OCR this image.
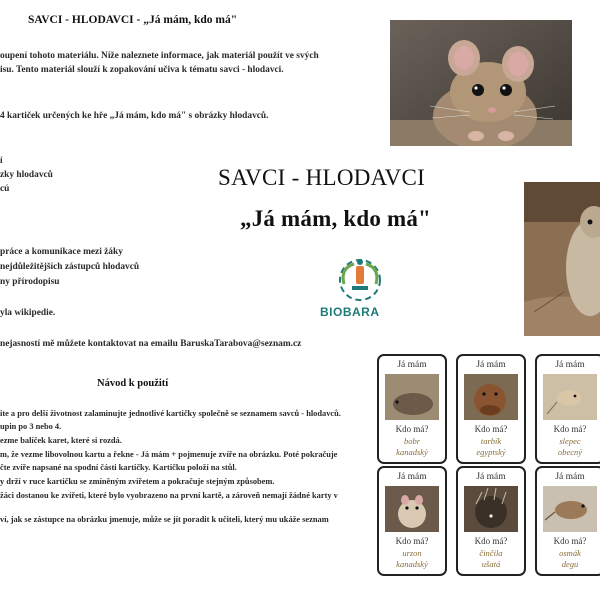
SAVCI - HLODAVCI - „Já mám, kdo má"
oupení tohoto materiálu. Níže naleznete informace, jak materiál použít ve svých
isu. Tento materiál slouží k zopakování učiva k tématu savci - hlodavci.
4 kartiček určených ke hře „Já mám, kdo má" s obrázky hlodavců.
í
zky hlodavců
cú
práce a komunikace mezi žáky
nejdůležitějších zástupců hlodavců
ny přírodopisu
yla wikipedie.
nejasností mě můžete kontaktovat na emailu BaruskaTarabova@seznam.cz
Návod k použití
ite a pro delší životnost zalaminujte jednotlivé kartičky společně se seznamem savců - hlodavců.
upin po 3 nebo 4.
ezme balíček karet, které si rozdá.
m, že vezme libovolnou kartu a řekne - Já mám + pojmenuje zvíře na obrázku. Poté pokračuje
čte zvíře napsané na spodní části kartičky. Kartičku položí na stůl.
y drží v ruce kartičku se zmíněným zvířetem a pokračuje stejným způsobem.
žáci dostanou ke zvířeti, které bylo vyobrazeno na první kartě, a zároveň nemají žádné karty v
ví, jak se zástupce na obrázku jmenuje, může se jít poradit k učiteli, který mu ukáže seznam
SAVCI - HLODAVCI
„Já mám, kdo má"
BIOBARA
Já mám
Kdo má?
bobr
kanadský
Já mám
Kdo má?
tarbík
egyptský
Já mám
Kdo má?
slepec
obecný
Já mám
Kdo má?
urzon
kanadský
Já mám
Kdo má?
činčila
ušatá
Já mám
Kdo má?
osmák
degu
